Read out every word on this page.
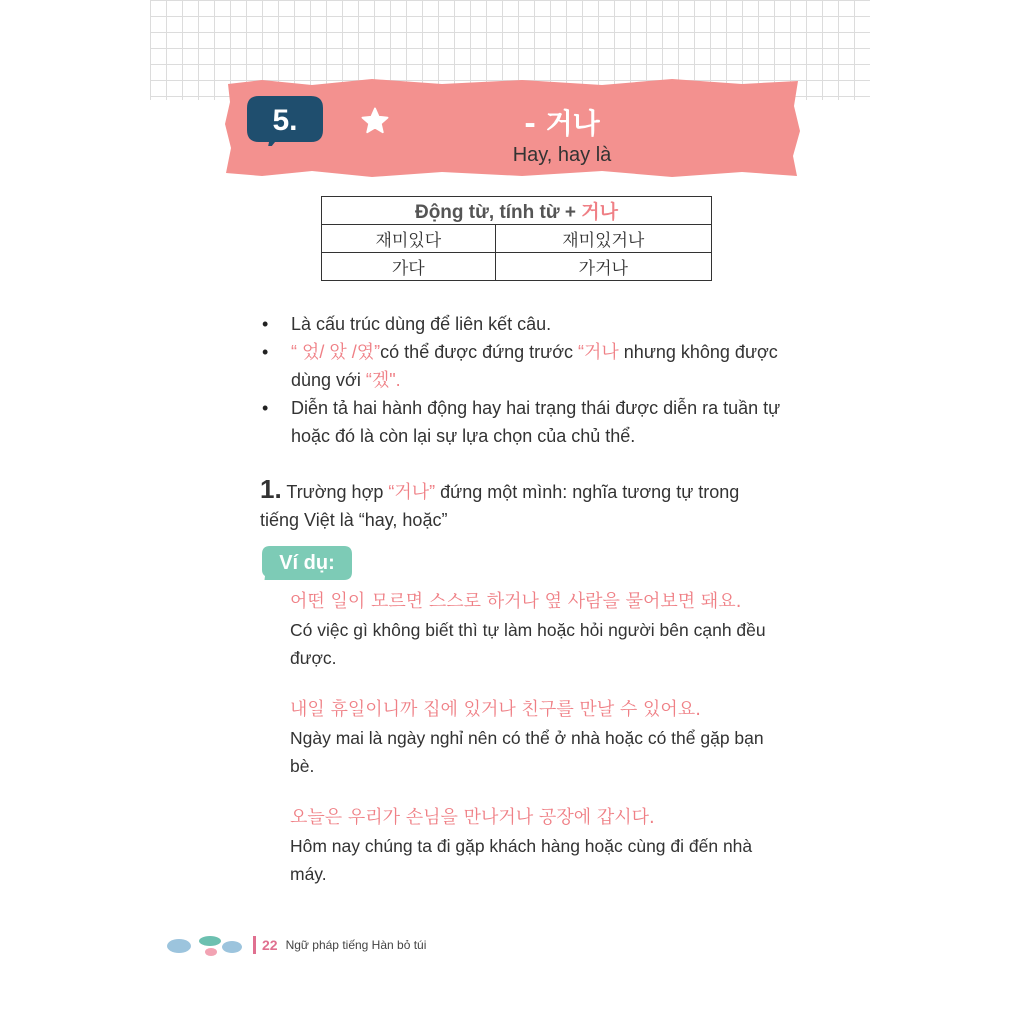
5.	- 거나
Hay, hay là
Động từ, tính từ + 거나	
재미있다	재미있거나
가다	가거나
• Là cấu trúc dùng để liên kết câu.
• “ 었/ 았 /였”có thể được đứng trước “거나 nhưng không được dùng với “겠".
• Diễn tả hai hành động hay hai trạng thái được diễn ra tuần tự hoặc đó là còn lại sự lựa chọn của chủ thể.
1. Trường hợp “거나” đứng một mình: nghĩa tương tự trong tiếng Việt là “hay, hoặc”
Ví dụ:
어떤 일이 모르면 스스로 하거나 옆 사람을 물어보면 돼요.
Có việc gì không biết thì tự làm hoặc hỏi người bên cạnh đều được.
내일 휴일이니까 집에 있거나 친구를 만날 수 있어요.
Ngày mai là ngày nghỉ nên có thể ở nhà hoặc có thể gặp bạn bè.
오늘은 우리가 손님을 만나거나 공장에 갑시다.
Hôm nay chúng ta đi gặp khách hàng hoặc cùng đi đến nhà máy.
22 Ngữ pháp tiếng Hàn bỏ túi
